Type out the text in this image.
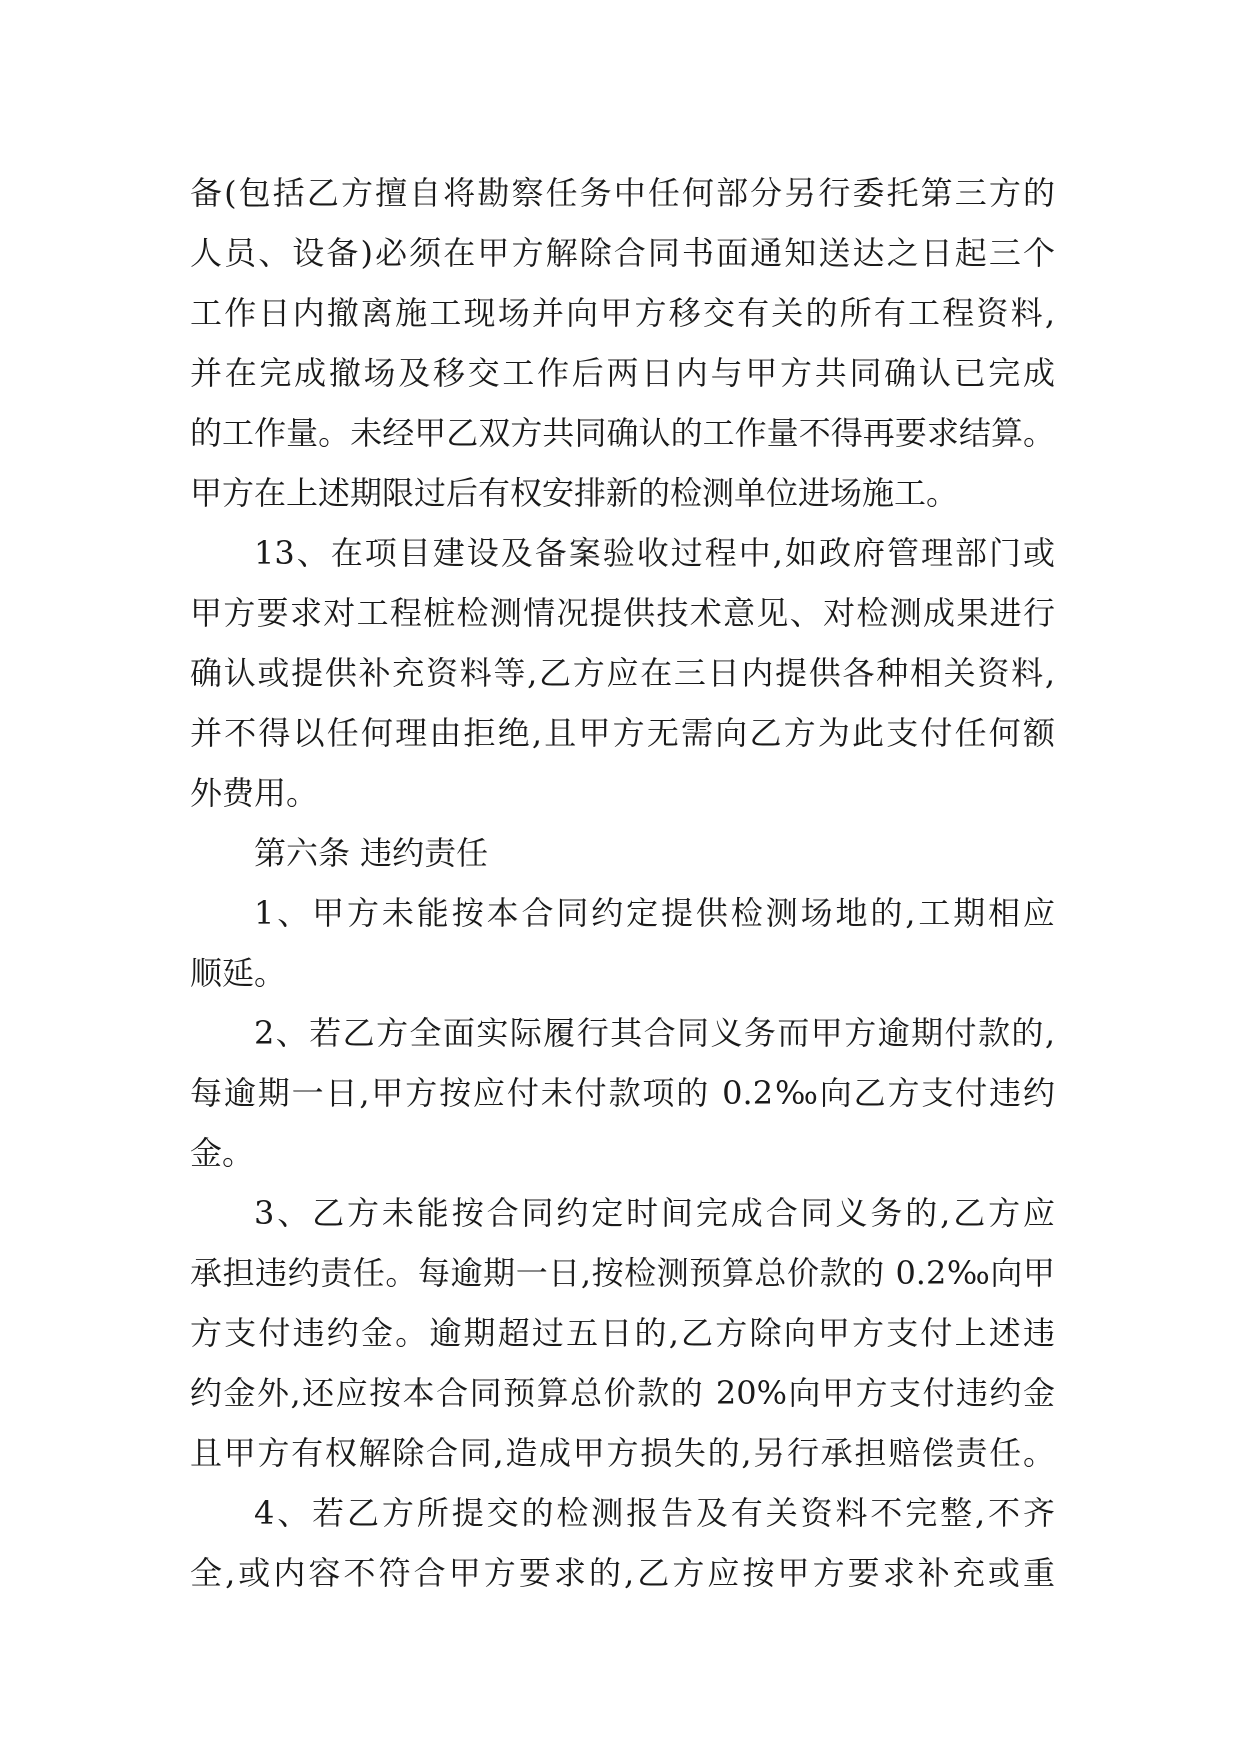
备(包括乙方擅自将勘察任务中任何部分另行委托第三方的
人员、设备)必须在甲方解除合同书面通知送达之日起三个
工作日内撤离施工现场并向甲方移交有关的所有工程资料,
并在完成撤场及移交工作后两日内与甲方共同确认已完成
的工作量。未经甲乙双方共同确认的工作量不得再要求结算。
甲方在上述期限过后有权安排新的检测单位进场施工。
13、在项目建设及备案验收过程中,如政府管理部门或
甲方要求对工程桩检测情况提供技术意见、对检测成果进行
确认或提供补充资料等,乙方应在三日内提供各种相关资料,
并不得以任何理由拒绝,且甲方无需向乙方为此支付任何额
外费用。
第六条 违约责任
1、甲方未能按本合同约定提供检测场地的,工期相应
顺延。
2、若乙方全面实际履行其合同义务而甲方逾期付款的,
每逾期一日,甲方按应付未付款项的 0.2‰向乙方支付违约
金。
3、乙方未能按合同约定时间完成合同义务的,乙方应
承担违约责任。每逾期一日,按检测预算总价款的 0.2‰向甲
方支付违约金。逾期超过五日的,乙方除向甲方支付上述违
约金外,还应按本合同预算总价款的 20%向甲方支付违约金
且甲方有权解除合同,造成甲方损失的,另行承担赔偿责任。
4、若乙方所提交的检测报告及有关资料不完整,不齐
全,或内容不符合甲方要求的,乙方应按甲方要求补充或重
